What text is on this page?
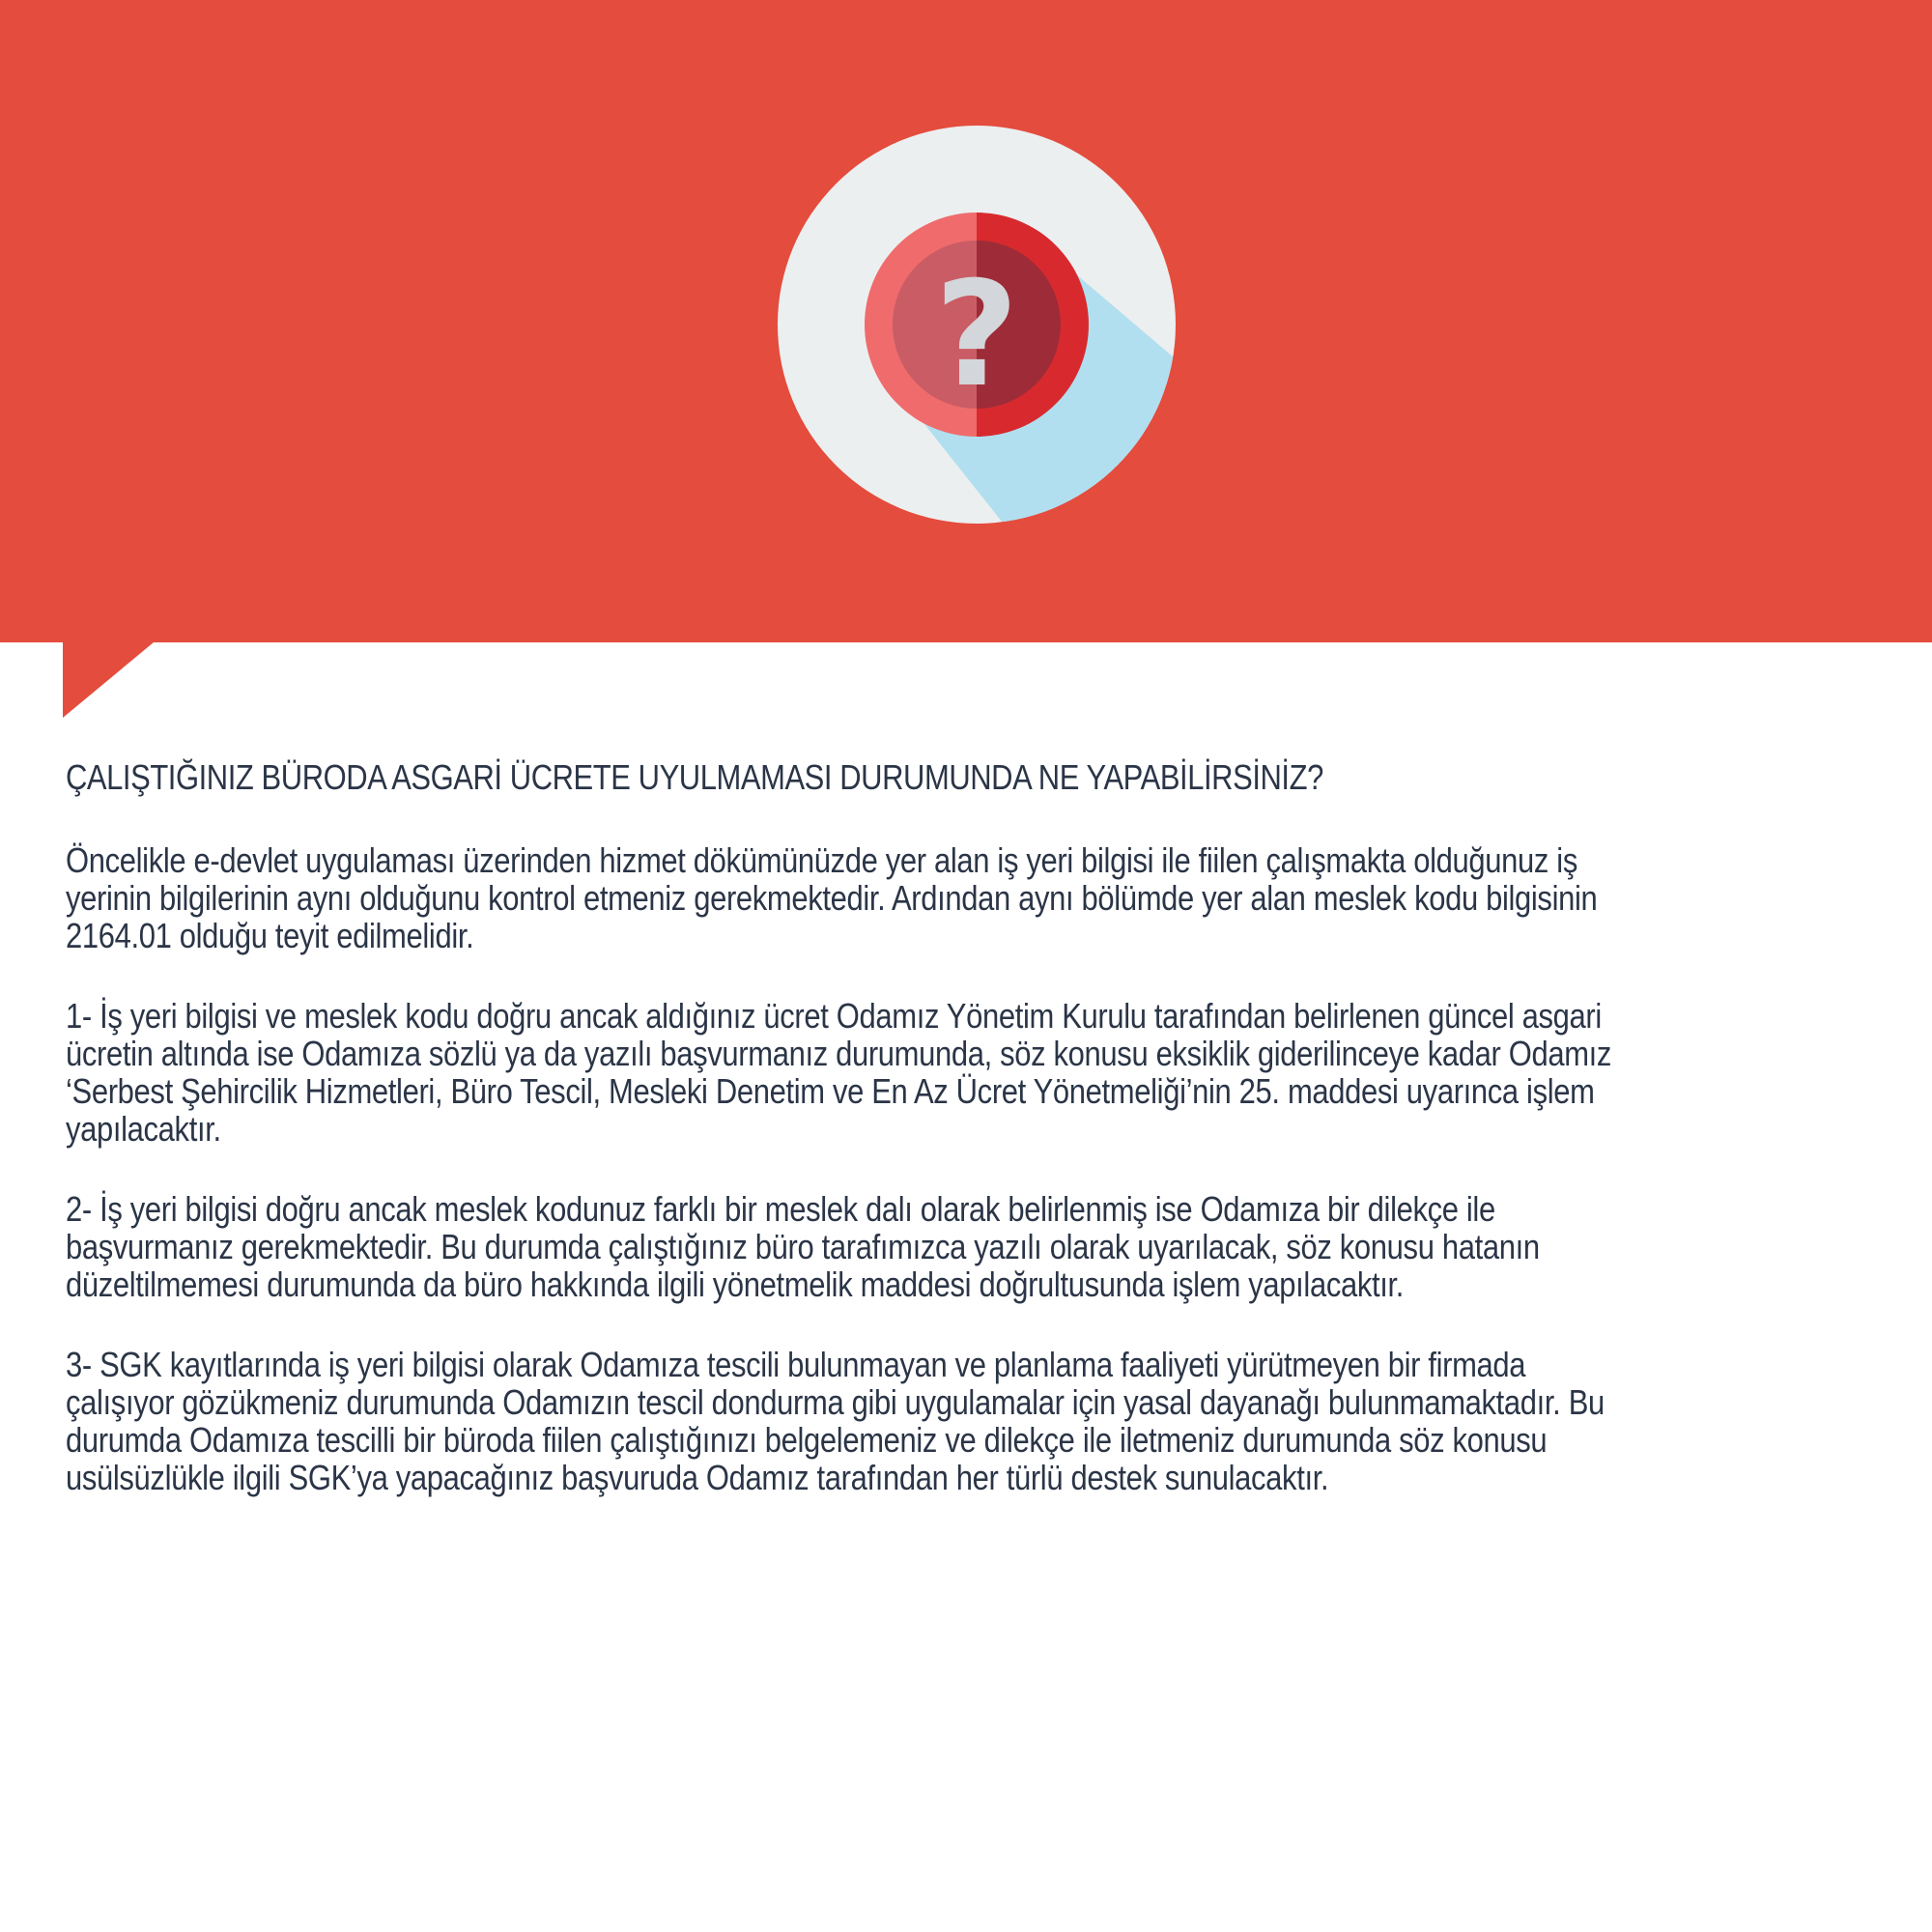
?
ÇALIŞTIĞINIZ BÜRODA ASGARİ ÜCRETE UYULMAMASI DURUMUNDA NE YAPABİLİRSİNİZ?
Öncelikle e-devlet uygulaması üzerinden hizmet dökümünüzde yer alan iş yeri bilgisi ile fiilen çalışmakta olduğunuz iş
yerinin bilgilerinin aynı olduğunu kontrol etmeniz gerekmektedir. Ardından aynı bölümde yer alan meslek kodu bilgisinin
2164.01 olduğu teyit edilmelidir.
1- İş yeri bilgisi ve meslek kodu doğru ancak aldığınız ücret Odamız Yönetim Kurulu tarafından belirlenen güncel asgari
ücretin altında ise Odamıza sözlü ya da yazılı başvurmanız durumunda, söz konusu eksiklik giderilinceye kadar Odamız
‘Serbest Şehircilik Hizmetleri, Büro Tescil, Mesleki Denetim ve En Az Ücret Yönetmeliği’nin 25. maddesi uyarınca işlem
yapılacaktır.
2- İş yeri bilgisi doğru ancak meslek kodunuz farklı bir meslek dalı olarak belirlenmiş ise Odamıza bir dilekçe ile
başvurmanız gerekmektedir. Bu durumda çalıştığınız büro tarafımızca yazılı olarak uyarılacak, söz konusu hatanın
düzeltilmemesi durumunda da büro hakkında ilgili yönetmelik maddesi doğrultusunda işlem yapılacaktır.
3- SGK kayıtlarında iş yeri bilgisi olarak Odamıza tescili bulunmayan ve planlama faaliyeti yürütmeyen bir firmada
çalışıyor gözükmeniz durumunda Odamızın tescil dondurma gibi uygulamalar için yasal dayanağı bulunmamaktadır. Bu
durumda Odamıza tescilli bir büroda fiilen çalıştığınızı belgelemeniz ve dilekçe ile iletmeniz durumunda söz konusu
usülsüzlükle ilgili SGK’ya yapacağınız başvuruda Odamız tarafından her türlü destek sunulacaktır.
